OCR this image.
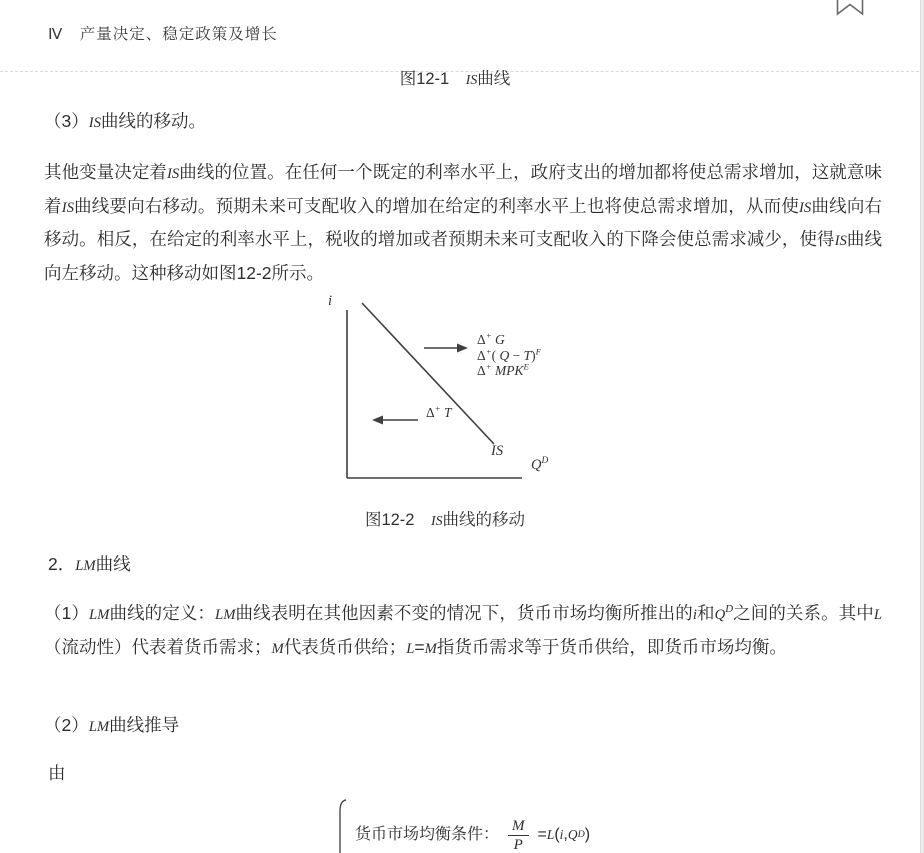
Ⅳ　产量决定、稳定政策及增长
图12-1　IS曲线
（3）IS曲线的移动。
其他变量决定着IS曲线的位置。在任何一个既定的利率水平上，政府支出的增加都将使总需求增加，这就意味着IS曲线要向右移动。预期未来可支配收入的增加在给定的利率水平上也将使总需求增加，从而使IS曲线向右移动。相反，在给定的利率水平上，税收的增加或者预期未来可支配收入的下降会使总需求减少，使得IS曲线向左移动。这种移动如图12-2所示。
i
IS
$Q^D$
Δ+ G
Δ+( Q − T)$^F$
Δ+ $MPK^E$
Δ+ T
图12-2　IS曲线的移动
2．LM曲线
（1）LM曲线的定义：LM曲线表明在其他因素不变的情况下，货币市场均衡所推出的i和$Q^D$之间的关系。其中L（流动性）代表着货币需求；M代表货币供给；L=M指货币需求等于货币供给，即货币市场均衡。
（2）LM曲线推导
由
货币市场均衡条件： $\frac{M}{P} = L$ ( i , Q D )
